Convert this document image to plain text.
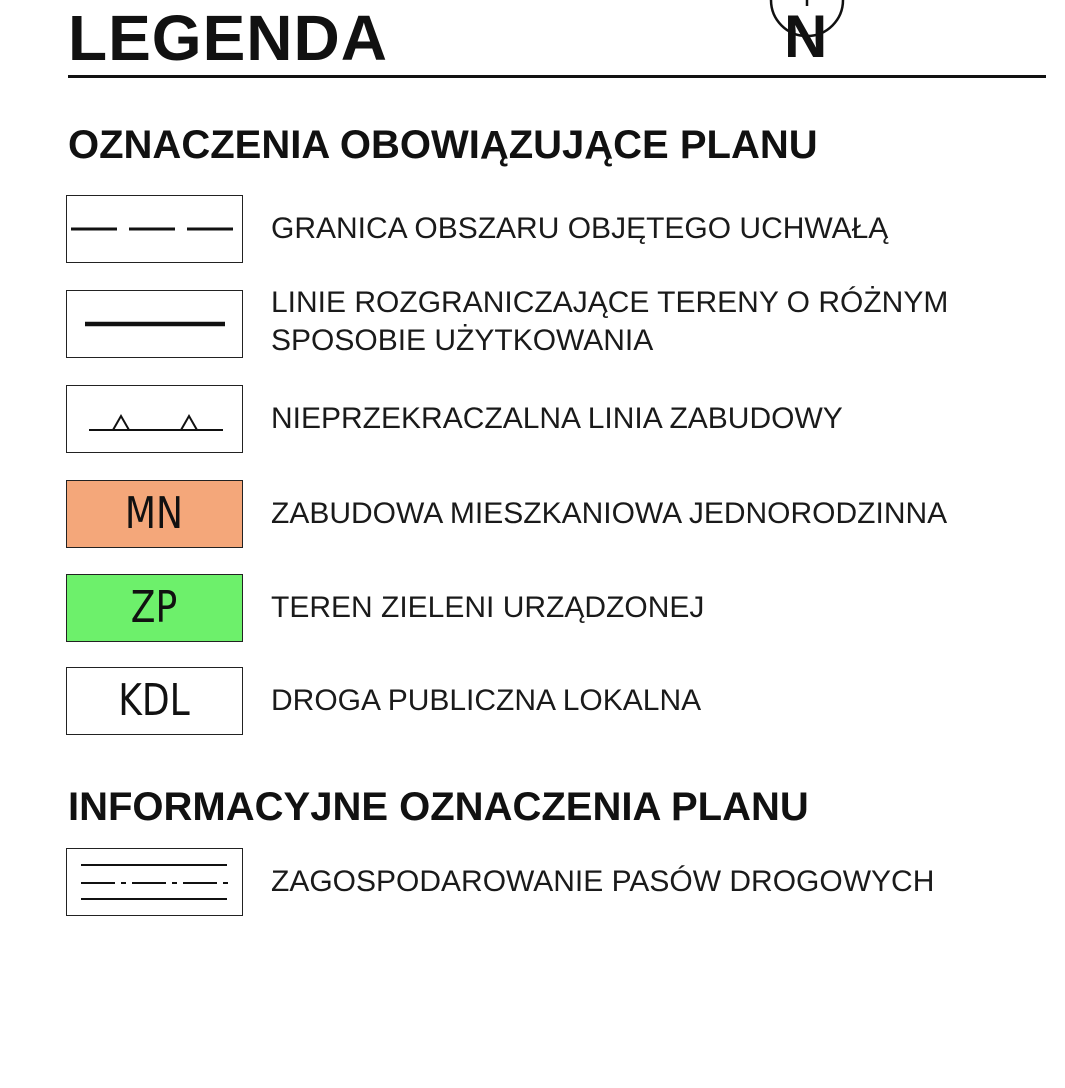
LEGENDA	N
OZNACZENIA OBOWIĄZUJĄCE PLANU
GRANICA OBSZARU OBJĘTEGO UCHWAŁĄ
LINIE ROZGRANICZAJĄCE TERENY O RÓŻNYM
SPOSOBIE UŻYTKOWANIA
NIEPRZEKRACZALNA LINIA ZABUDOWY
MN	ZABUDOWA MIESZKANIOWA JEDNORODZINNA
ZP	TEREN ZIELENI URZĄDZONEJ
KDL	DROGA PUBLICZNA LOKALNA
INFORMACYJNE OZNACZENIA PLANU
ZAGOSPODAROWANIE PASÓW DROGOWYCH
